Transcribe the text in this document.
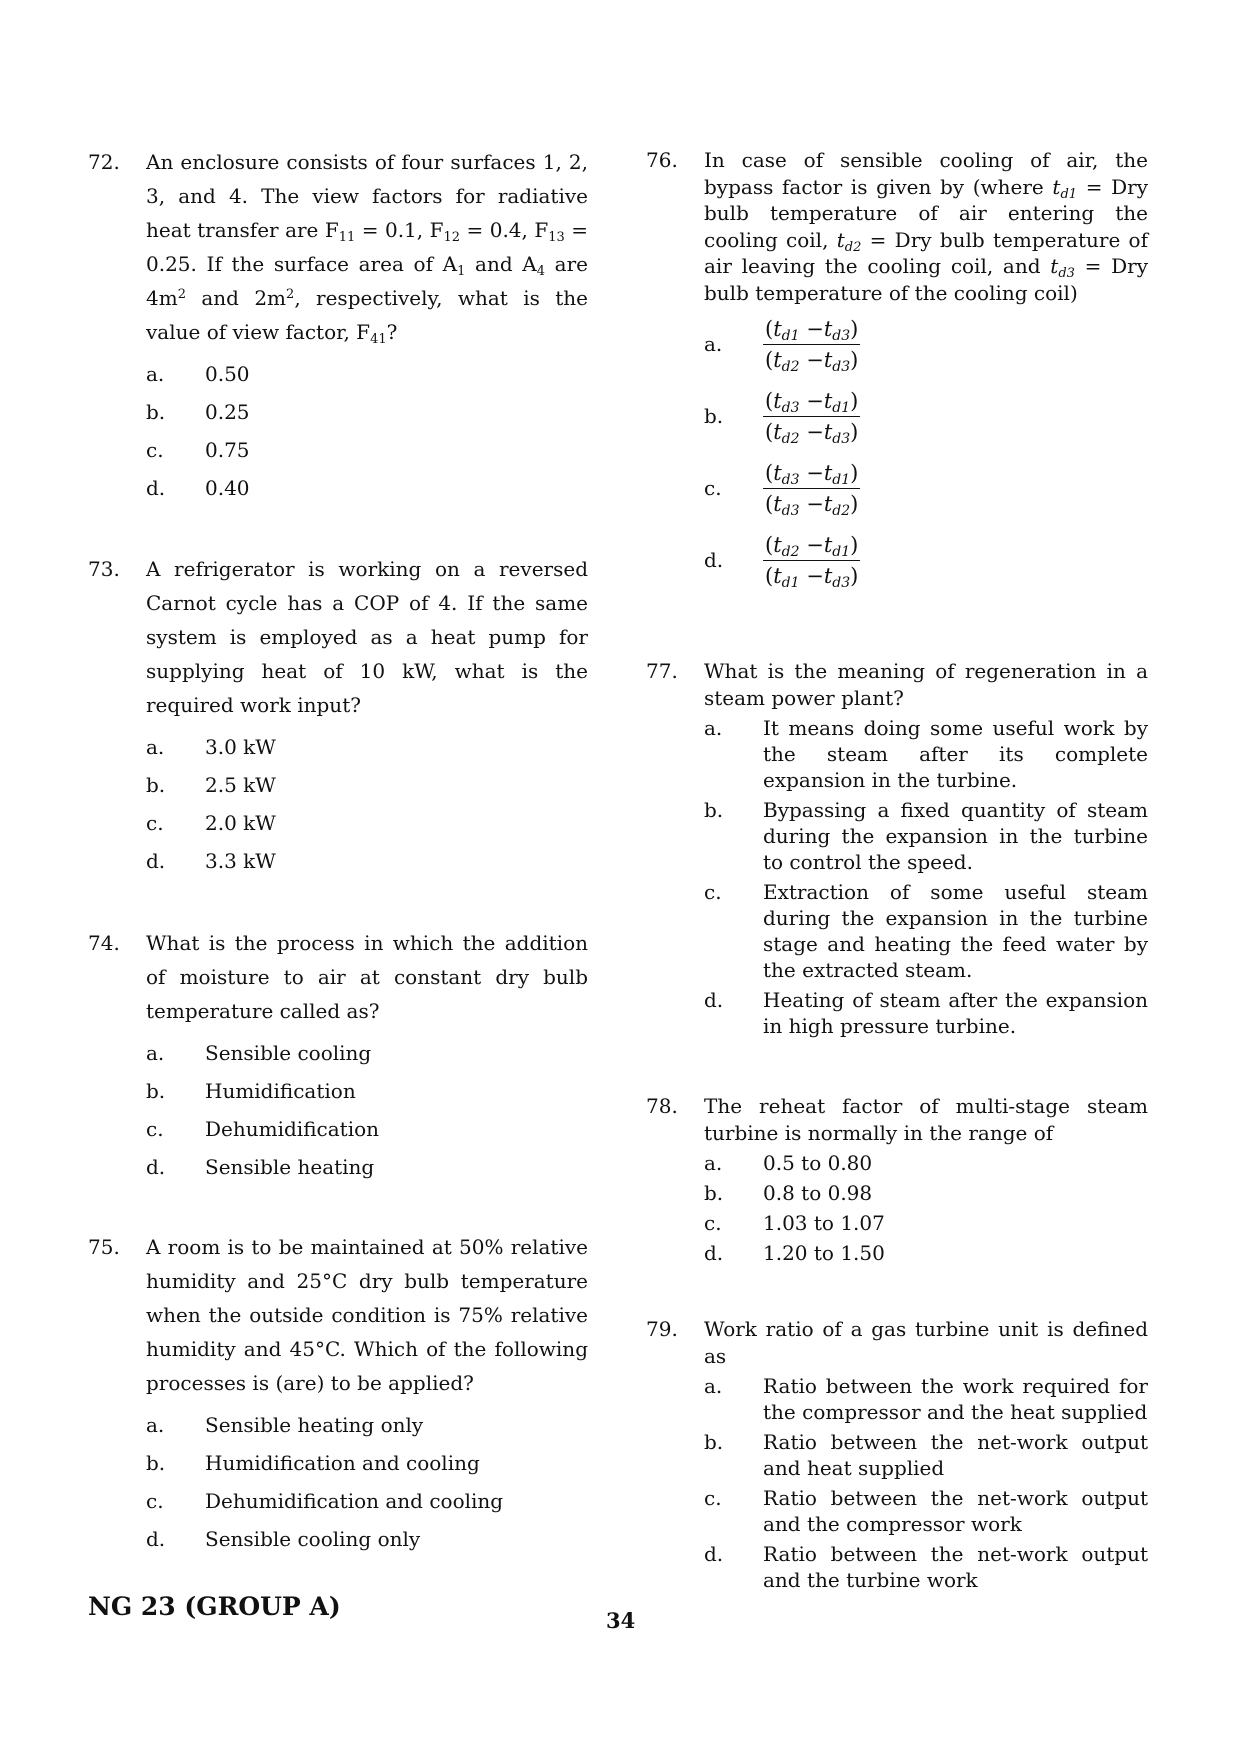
72.	An enclosure consists of four surfaces 1, 2, 3, and 4. The view factors for radiative heat transfer are $F_{11} = 0.1$, $F_{12} = 0.4$, $F_{13} = 0.25$. If the surface area of $A_1$ and $A_4$ are $4m^2$ and $2m^2$, respectively, what is the value of view factor, $F_{41}$?
a.	0.50
b.	0.25
c.	0.75
d.	0.40
73.	A refrigerator is working on a reversed Carnot cycle has a COP of 4. If the same system is employed as a heat pump for supplying heat of 10 kW, what is the required work input?
a.	3.0 kW
b.	2.5 kW
c.	2.0 kW
d.	3.3 kW
74.	What is the process in which the addition of moisture to air at constant dry bulb temperature called as?
a.	Sensible cooling
b.	Humidification
c.	Dehumidification
d.	Sensible heating
75.	A room is to be maintained at 50% relative humidity and 25°C dry bulb temperature when the outside condition is 75% relative humidity and 45°C. Which of the following processes is (are) to be applied?
a.	Sensible heating only
b.	Humidification and cooling
c.	Dehumidification and cooling
d.	Sensible cooling only
76.	In case of sensible cooling of air, the bypass factor is given by (where $t_{d1}$ = Dry bulb temperature of air entering the cooling coil, $t_{d2}$ = Dry bulb temperature of air leaving the cooling coil, and $t_{d3}$ = Dry bulb temperature of the cooling coil)
a.	$\frac{(t_{d1} -t_{d3})}{(t_{d2} -t_{d3})}$
b.	$\frac{(t_{d3} -t_{d1})}{(t_{d2} -t_{d3})}$
c.	$\frac{(t_{d3} -t_{d1})}{(t_{d3} -t_{d2})}$
d.	$\frac{(t_{d2} -t_{d1})}{(t_{d1} -t_{d3})}$
77.	What is the meaning of regeneration in a steam power plant?
a.	It means doing some useful work by the steam after its complete expansion in the turbine.
b.	Bypassing a fixed quantity of steam during the expansion in the turbine to control the speed.
c.	Extraction of some useful steam during the expansion in the turbine stage and heating the feed water by the extracted steam.
d.	Heating of steam after the expansion in high pressure turbine.
78.	The reheat factor of multi-stage steam turbine is normally in the range of
a.	0.5 to 0.80
b.	0.8 to 0.98
c.	1.03 to 1.07
d.	1.20 to 1.50
79.	Work ratio of a gas turbine unit is defined as
a.	Ratio between the work required for the compressor and the heat supplied
b.	Ratio between the net-work output and heat supplied
c.	Ratio between the net-work output and the compressor work
d.	Ratio between the net-work output and the turbine work
NG 23 (GROUP A)	34
